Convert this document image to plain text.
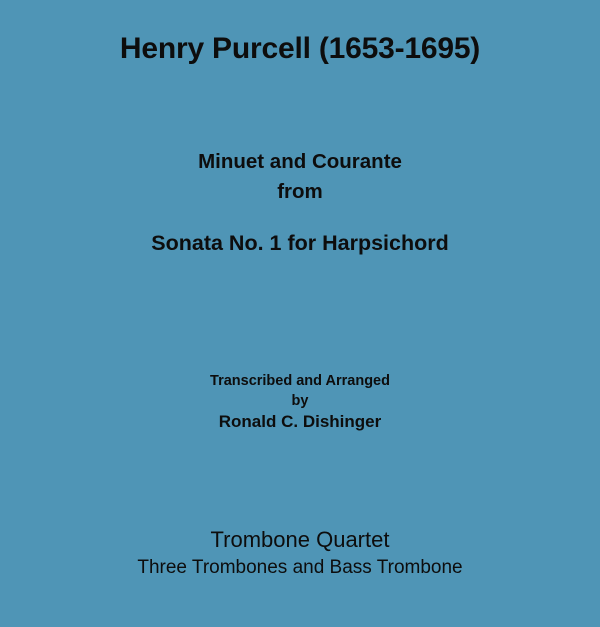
Henry Purcell (1653-1695)
Minuet and Courante
from
Sonata No. 1 for Harpsichord
Transcribed and Arranged
by
Ronald C. Dishinger
Trombone Quartet
Three Trombones and Bass Trombone
